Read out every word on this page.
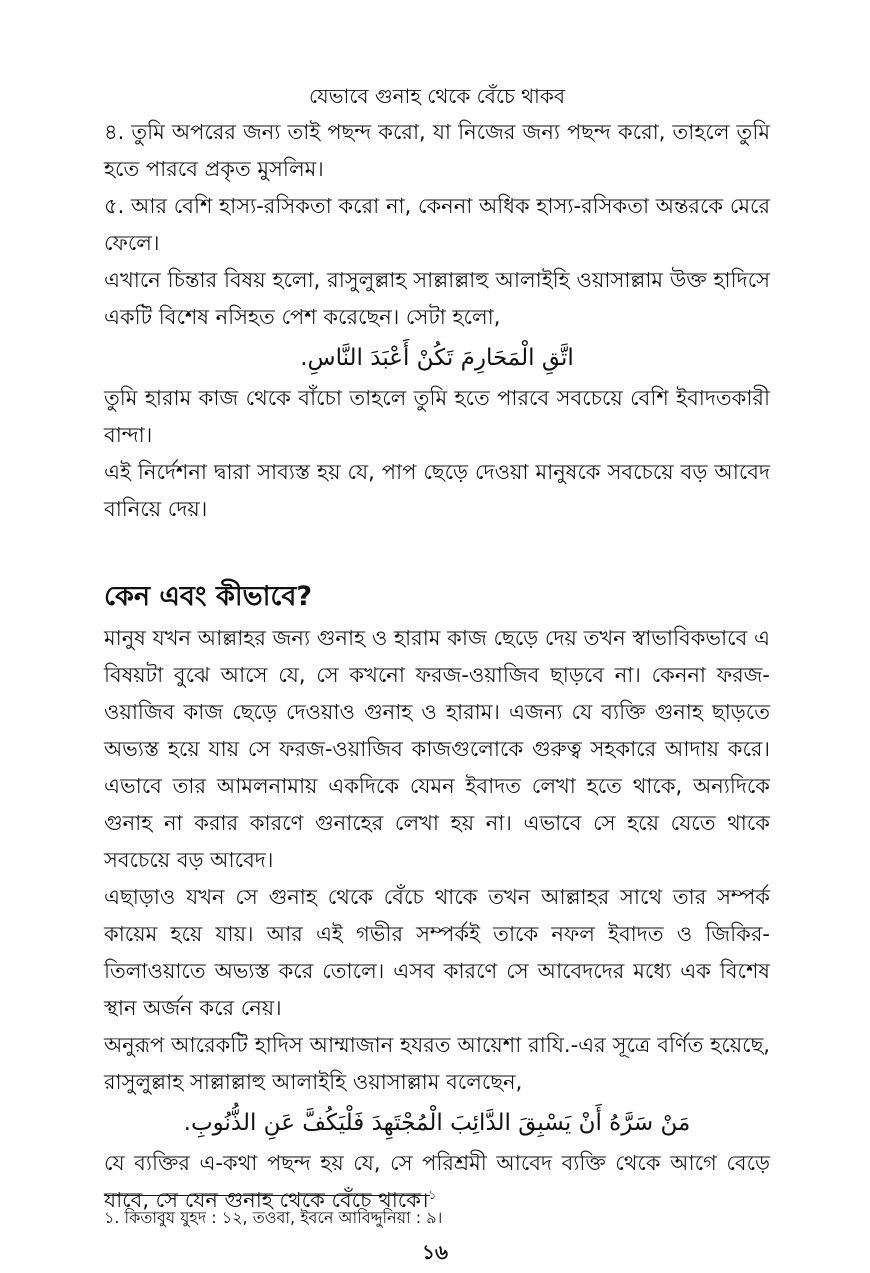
যেভাবে গুনাহ থেকে বেঁচে থাকব

৪. তুমি অপরের জন্য তাই পছন্দ করো, যা নিজের জন্য পছন্দ করো, তাহলে তুমি হতে পারবে প্রকৃত মুসলিম।

৫. আর বেশি হাস্য-রসিকতা করো না, কেননা অধিক হাস্য-রসিকতা অন্তরকে মেরে ফেলে।

এখানে চিন্তার বিষয় হলো, রাসুলুল্লাহ সাল্লাল্লাহু আলাইহি ওয়াসাল্লাম উক্ত হাদিসে একটি বিশেষ নসিহত পেশ করেছেন। সেটা হলো,

اتَّقِ الْمَحَارِمَ تَكُنْ أَعْبَدَ النَّاسِ.

তুমি হারাম কাজ থেকে বাঁচো তাহলে তুমি হতে পারবে সবচেয়ে বেশি ইবাদতকারী বান্দা।

এই নির্দেশনা দ্বারা সাব্যস্ত হয় যে, পাপ ছেড়ে দেওয়া মানুষকে সবচেয়ে বড় আবেদ বানিয়ে দেয়।

কেন এবং কীভাবে?

মানুষ যখন আল্লাহর জন্য গুনাহ ও হারাম কাজ ছেড়ে দেয় তখন স্বাভাবিকভাবে এ বিষয়টা বুঝে আসে যে, সে কখনো ফরজ-ওয়াজিব ছাড়বে না। কেননা ফরজ-ওয়াজিব কাজ ছেড়ে দেওয়াও গুনাহ ও হারাম। এজন্য যে ব্যক্তি গুনাহ ছাড়তে অভ্যস্ত হয়ে যায় সে ফরজ-ওয়াজিব কাজগুলোকে গুরুত্ব সহকারে আদায় করে। এভাবে তার আমলনামায় একদিকে যেমন ইবাদত লেখা হতে থাকে, অন্যদিকে গুনাহ না করার কারণে গুনাহের লেখা হয় না। এভাবে সে হয়ে যেতে থাকে সবচেয়ে বড় আবেদ।

এছাড়াও যখন সে গুনাহ থেকে বেঁচে থাকে তখন আল্লাহর সাথে তার সম্পর্ক কায়েম হয়ে যায়। আর এই গভীর সম্পর্কই তাকে নফল ইবাদত ও জিকির-তিলাওয়াতে অভ্যস্ত করে তোলে। এসব কারণে সে আবেদদের মধ্যে এক বিশেষ স্থান অর্জন করে নেয়।

অনুরূপ আরেকটি হাদিস আম্মাজান হযরত আয়েশা রাযি.-এর সূত্রে বর্ণিত হয়েছে, রাসুলুল্লাহ সাল্লাল্লাহু আলাইহি ওয়াসাল্লাম বলেছেন,

مَنْ سَرَّهُ أَنْ يَسْبِقَ الدَّائِبَ الْمُجْتَهِدَ فَلْيَكُفَّ عَنِ الذُّنُوبِ.

যে ব্যক্তির এ-কথা পছন্দ হয় যে, সে পরিশ্রমী আবেদ ব্যক্তি থেকে আগে বেড়ে যাবে, সে যেন গুনাহ থেকে বেঁচে থাকে।$^১$

১. কিতাবুয যুহদ : ১২, তওবা, ইবনে আবিদ্দুনিয়া : ৯।
১৬
